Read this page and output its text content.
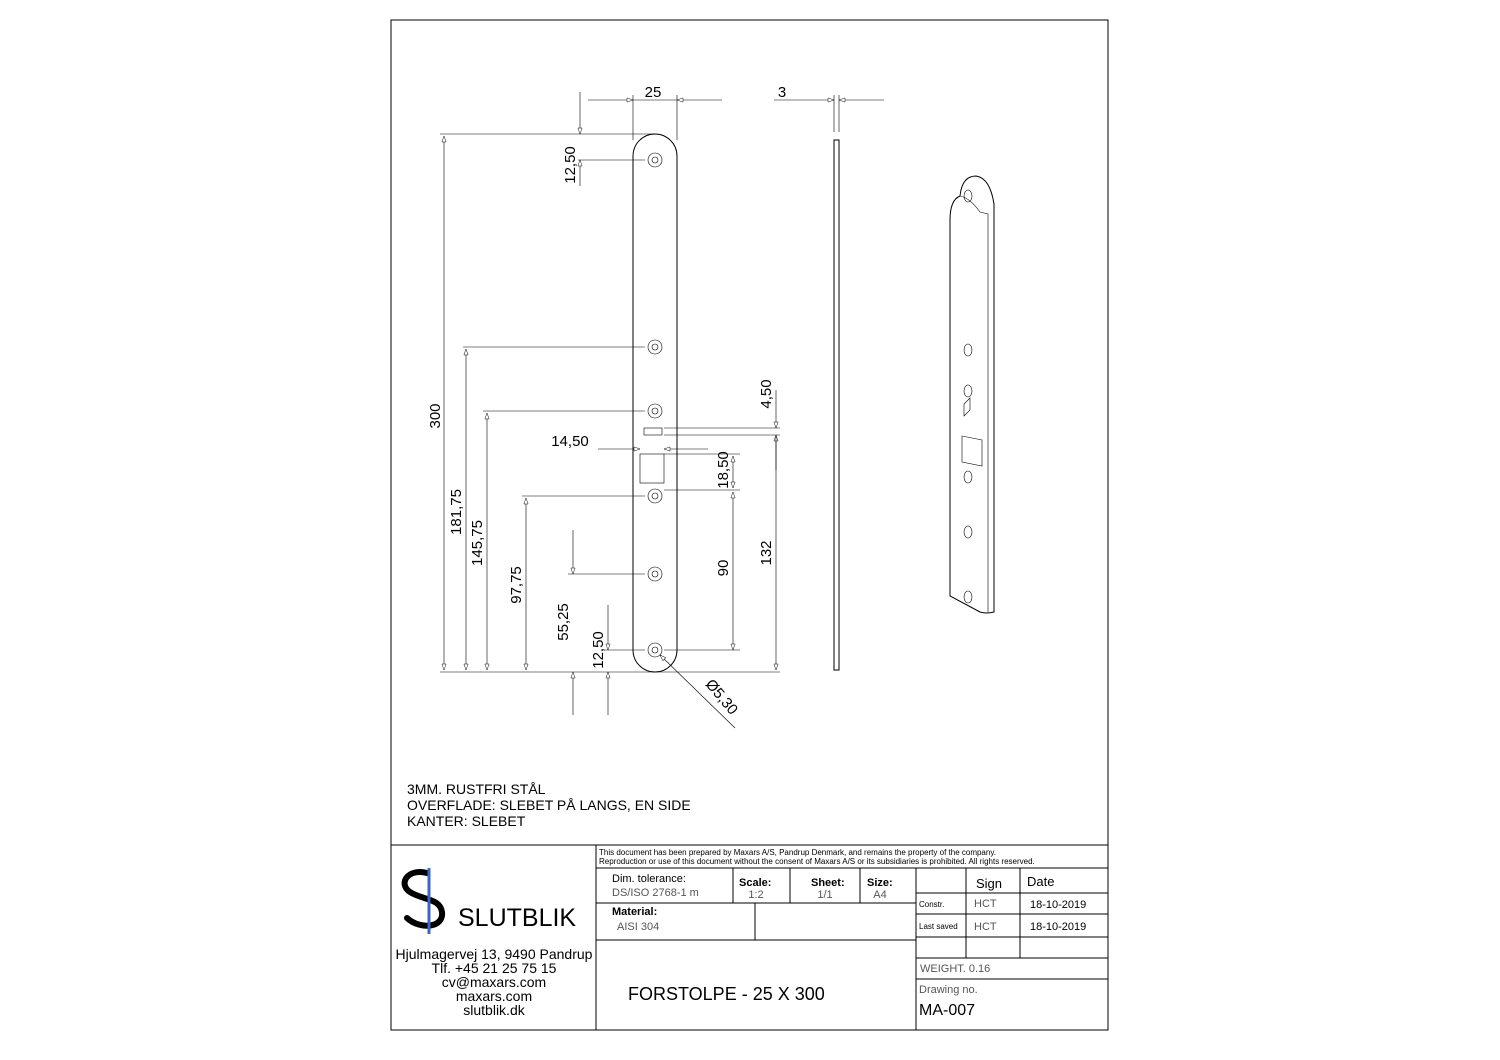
25
12,50
300
181,75
145,75
97,75
55,25
12,50
Ø5,30
14,50
4,50
18,50
90
132
3
3MM. RUSTFRI STÅL
OVERFLADE: SLEBET PÅ LANGS, EN SIDE
KANTER: SLEBET
SLUTBLIK
Hjulmagervej 13, 9490 Pandrup
Tlf. +45 21 25 75 15
cv@maxars.com
maxars.com
slutblik.dk
This document has been prepared by Maxars A/S, Pandrup Denmark, and remains the property of the company.
Reproduction or use of this document without the consent of Maxars A/S or its subsidiaries is prohibited. All rights reserved.
Dim. tolerance:
DS/ISO 2768-1 m
Scale:
1:2
Sheet:
1/1
Size:
A4
Material:
AISI 304
Sign Date
Constr.	HCT	18-10-2019
Last saved HCT	18-10-2019
WEIGHT. 0.16
FORSTOLPE - 25 X 300	Drawing no.
MA-007
